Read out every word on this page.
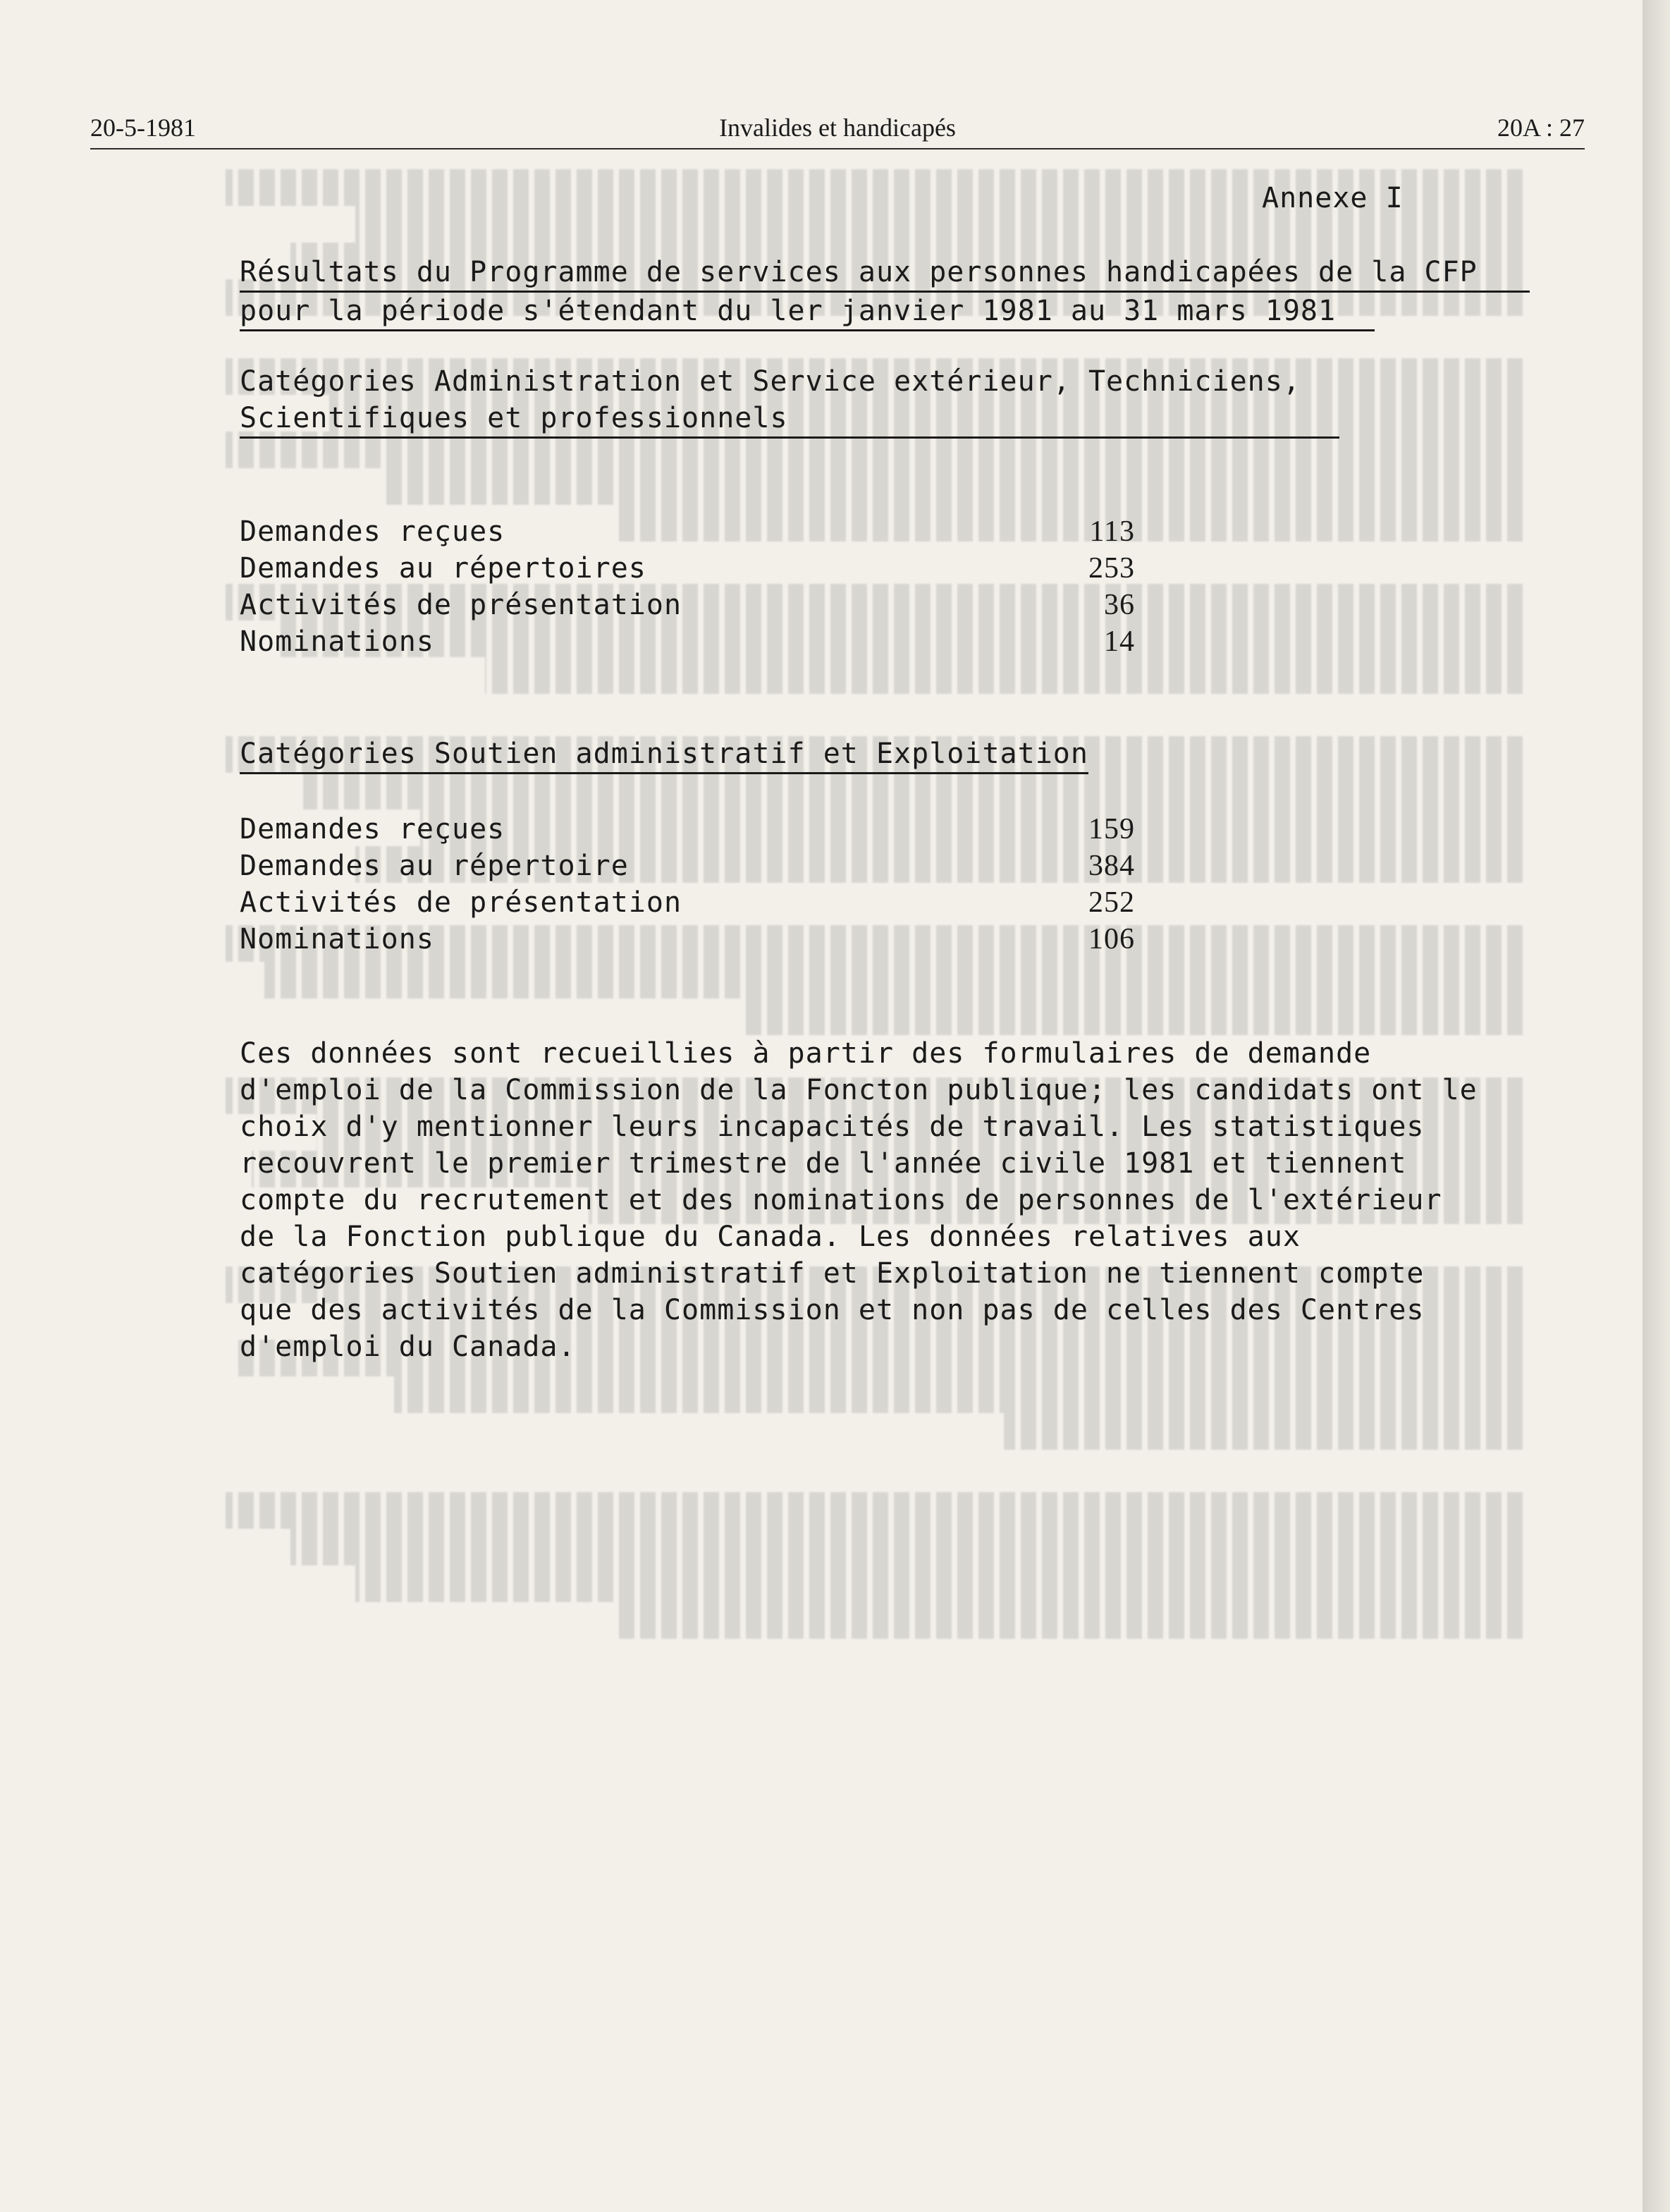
20-5-1981	Invalides et handicapés	20A : 27
Annexe I
Résultats du Programme de services aux personnes handicapées de la CFP
pour la période s'étendant du ler janvier 1981 au 31 mars 1981
Catégories Administration et Service extérieur, Techniciens,
Scientifiques et professionnels
Demandes reçues	113
Demandes au répertoires	253
Activités de présentation	36
Nominations	14
Catégories Soutien administratif et Exploitation
Demandes reçues	159
Demandes au répertoire	384
Activités de présentation	252
Nominations	106
Ces données sont recueillies à partir des formulaires de demande
d'emploi de la Commission de la Foncton publique; les candidats ont le
choix d'y mentionner leurs incapacités de travail. Les statistiques
recouvrent le premier trimestre de l'année civile 1981 et tiennent
compte du recrutement et des nominations de personnes de l'extérieur
de la Fonction publique du Canada. Les données relatives aux
catégories Soutien administratif et Exploitation ne tiennent compte
que des activités de la Commission et non pas de celles des Centres
d'emploi du Canada.
